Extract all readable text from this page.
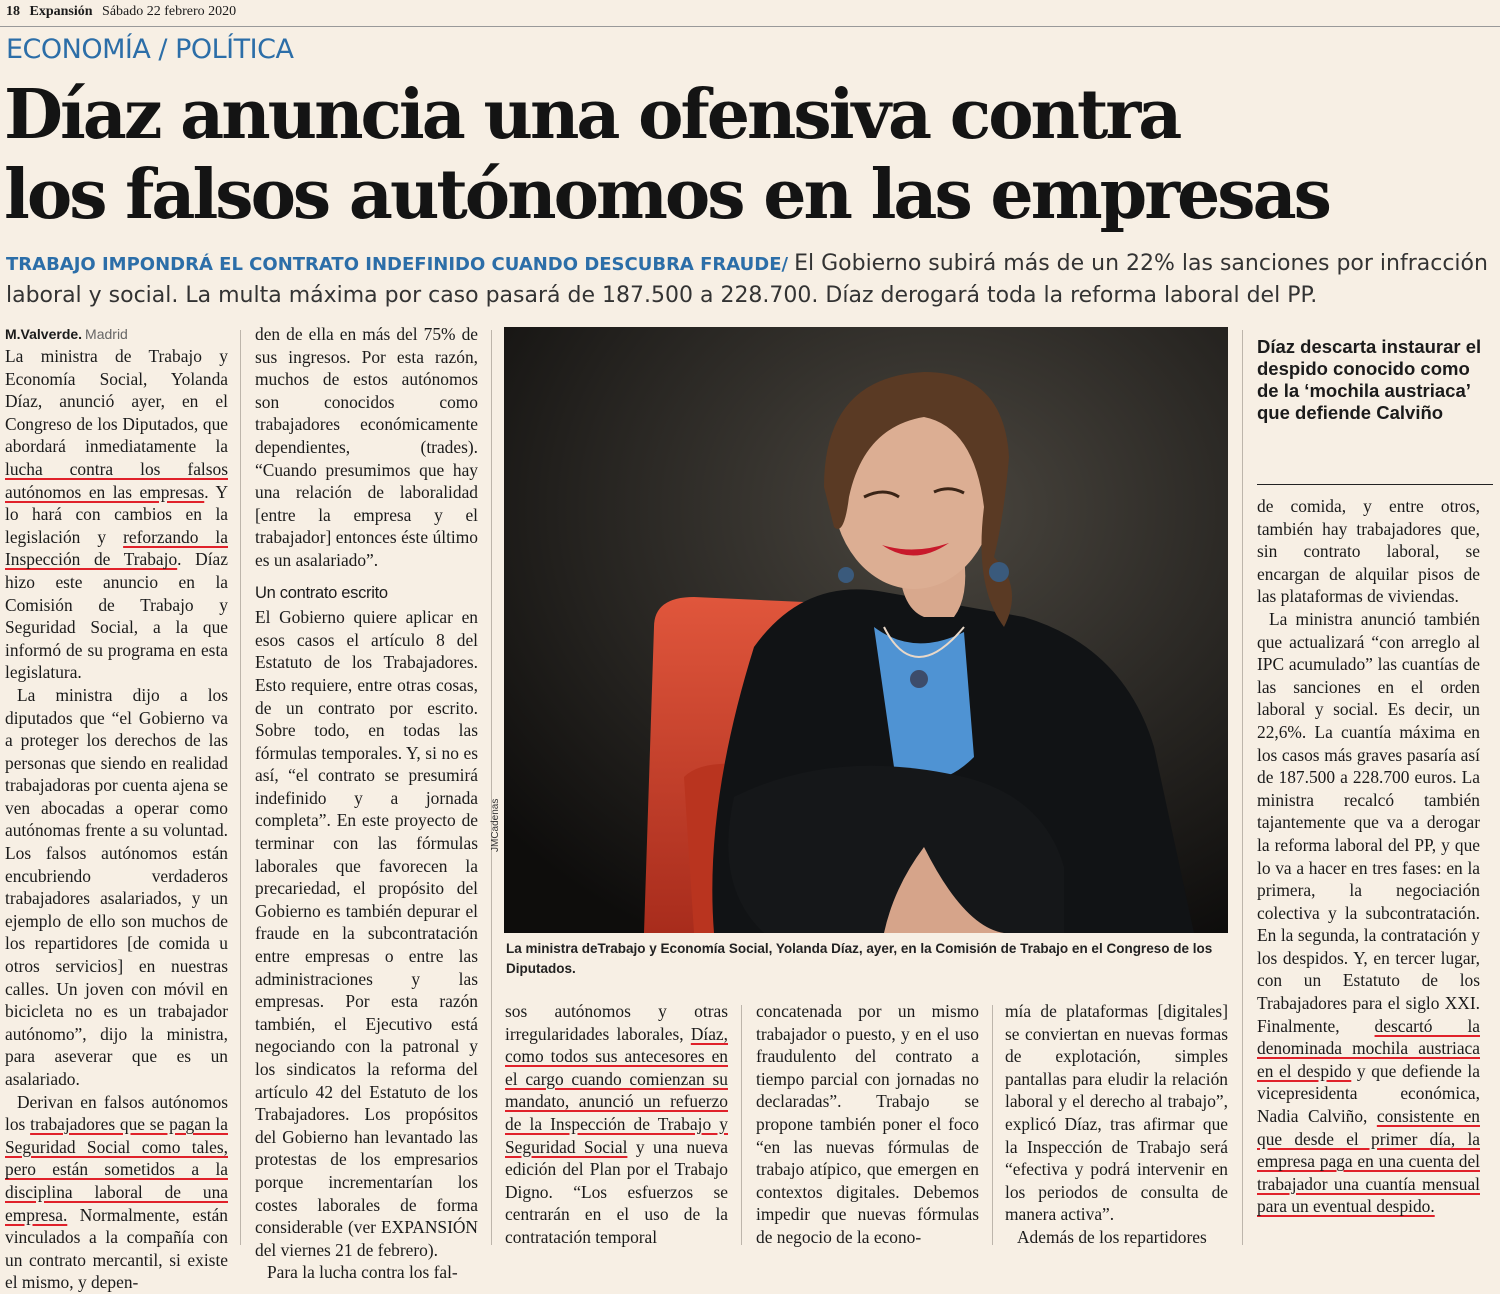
18 Expansión Sábado 22 febrero 2020
ECONOMÍA / POLÍTICA
Díaz anuncia una ofensiva contra
los falsos autónomos en las empresas
TRABAJO IMPONDRÁ EL CONTRATO INDEFINIDO CUANDO DESCUBRA FRAUDE/ El Gobierno subirá más de un 22% las sanciones por infracción laboral y social. La multa máxima por caso pasará de 187.500 a 228.700. Díaz derogará toda la reforma laboral del PP.
M.Valverde. Madrid

La ministra de Trabajo y Economía Social, Yolanda Díaz, anunció ayer, en el Congreso de los Diputados, que abordará inmediatamente la lucha contra los falsos autónomos en las empresas. Y lo hará con cambios en la legislación y reforzando la Inspección de Trabajo. Díaz hizo este anuncio en la Comisión de Trabajo y Seguridad Social, a la que informó de su programa en esta legislatura.

La ministra dijo a los diputados que “el Gobierno va a proteger los derechos de las personas que siendo en realidad trabajadoras por cuenta ajena se ven abocadas a operar como autónomas frente a su voluntad. Los falsos autónomos están encubriendo verdaderos trabajadores asalariados, y un ejemplo de ello son muchos de los repartidores [de comida u otros servicios] en nuestras calles. Un joven con móvil en bicicleta no es un trabajador autónomo”, dijo la ministra, para aseverar que es un asalariado.

Derivan en falsos autónomos los trabajadores que se pagan la Seguridad Social como tales, pero están sometidos a la disciplina laboral de una empresa. Normalmente, están vinculados a la compañía con un contrato mercantil, si existe el mismo, y depen-

den de ella en más del 75% de sus ingresos. Por esta razón, muchos de estos autónomos son conocidos como trabajadores económicamente dependientes, (trades). “Cuando presumimos que hay una relación de laboralidad [entre la empresa y el trabajador] entonces éste último es un asalariado”.

Un contrato escrito

El Gobierno quiere aplicar en esos casos el artículo 8 del Estatuto de los Trabajadores. Esto requiere, entre otras cosas, de un contrato por escrito. Sobre todo, en todas las fórmulas temporales. Y, si no es así, “el contrato se presumirá indefinido y a jornada completa”. En este proyecto de terminar con las fórmulas laborales que favorecen la precariedad, el propósito del Gobierno es también depurar el fraude en la subcontratación entre empresas o entre las administraciones y las empresas. Por esta razón también, el Ejecutivo está negociando con la patronal y los sindicatos la reforma del artículo 42 del Estatuto de los Trabajadores. Los propósitos del Gobierno han levantado las protestas de los empresarios porque incrementarían los costes laborales de forma considerable (ver EXPANSIÓN del viernes 21 de febrero).

Para la lucha contra los fal-

JMCadenas
La ministra deTrabajo y Economía Social, Yolanda Díaz, ayer, en la Comisión de Trabajo en el Congreso de los Diputados.

sos autónomos y otras irregularidades laborales, Díaz, como todos sus antecesores en el cargo cuando comienzan su mandato, anunció un refuerzo de la Inspección de Trabajo y Seguridad Social y una nueva edición del Plan por el Trabajo Digno. “Los esfuerzos se centrarán en el uso de la contratación temporal

concatenada por un mismo trabajador o puesto, y en el uso fraudulento del contrato a tiempo parcial con jornadas no declaradas”. Trabajo se propone también poner el foco “en las nuevas fórmulas de trabajo atípico, que emergen en contextos digitales. Debemos impedir que nuevas fórmulas de negocio de la econo-

mía de plataformas [digitales] se conviertan en nuevas formas de explotación, simples pantallas para eludir la relación laboral y el derecho al trabajo”, explicó Díaz, tras afirmar que la Inspección de Trabajo será “efectiva y podrá intervenir en los periodos de consulta de manera activa”.

Además de los repartidores

Díaz descarta instaurar el despido conocido como de la ‘mochila austriaca’ que defiende Calviño

de comida, y entre otros, también hay trabajadores que, sin contrato laboral, se encargan de alquilar pisos de las plataformas de viviendas.

La ministra anunció también que actualizará “con arreglo al IPC acumulado” las cuantías de las sanciones en el orden laboral y social. Es decir, un 22,6%. La cuantía máxima en los casos más graves pasaría así de 187.500 a 228.700 euros. La ministra recalcó también tajantemente que va a derogar la reforma laboral del PP, y que lo va a hacer en tres fases: en la primera, la negociación colectiva y la subcontratación. En la segunda, la contratación y los despidos. Y, en tercer lugar, con un Estatuto de los Trabajadores para el siglo XXI. Finalmente, descartó la denominada mochila austriaca en el despido y que defiende la vicepresidenta económica, Nadia Calviño, consistente en que desde el primer día, la empresa paga en una cuenta del trabajador una cuantía mensual para un eventual despido.
